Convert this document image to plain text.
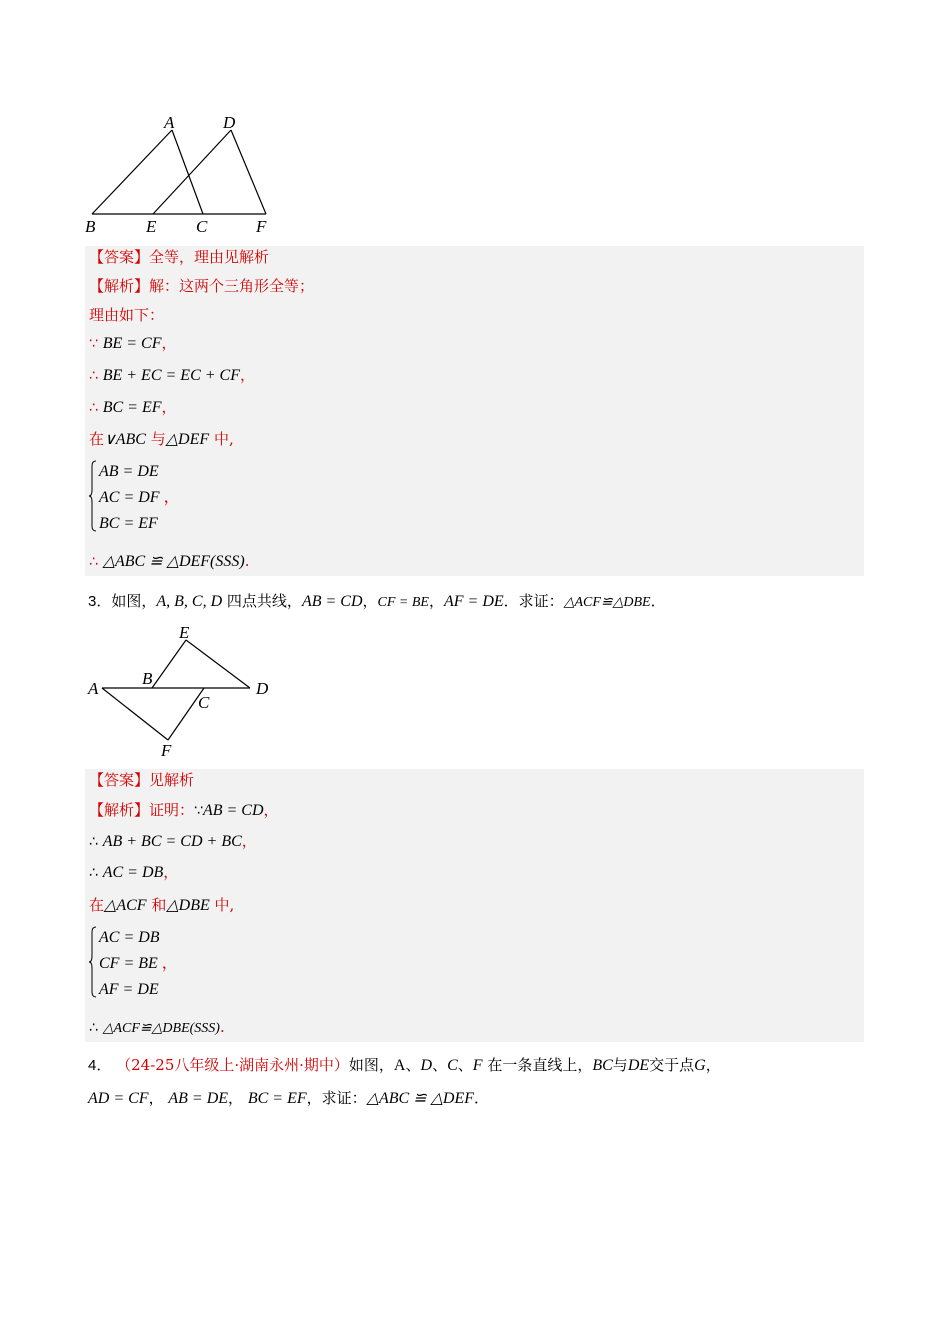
A	D
B	E C	F
【答案】全等，理由见解析
【解析】解：这两个三角形全等；
理由如下：
∵ BE = CF，
∴ BE + EC = EC + CF，
∴ BC = EF，
在∨ABC 与△DEF 中,
AB = DE
AC = DF ，
BC = EF
∴ △ABC ≌ △DEF(SSS).
3．如图，A, B, C, D 四点共线，AB = CD，CF = BE，AF = DE．求证：△ACF≌△DBE．
E
A
B
D
C
F
【答案】见解析
【解析】证明：∵AB = CD，
∴ AB + BC = CD + BC，
∴ AC = DB，
在△ACF 和△DBE 中,
AC = DB
CF = BE ，
AF = DE
∴ △ACF≌△DBE(SSS).
4． （24-25八年级上·湖南永州·期中）如图，A、D、C、F 在一条直线上，BC与DE交于点G，
AD = CF， AB = DE， BC = EF，求证：△ABC ≌ △DEF．
